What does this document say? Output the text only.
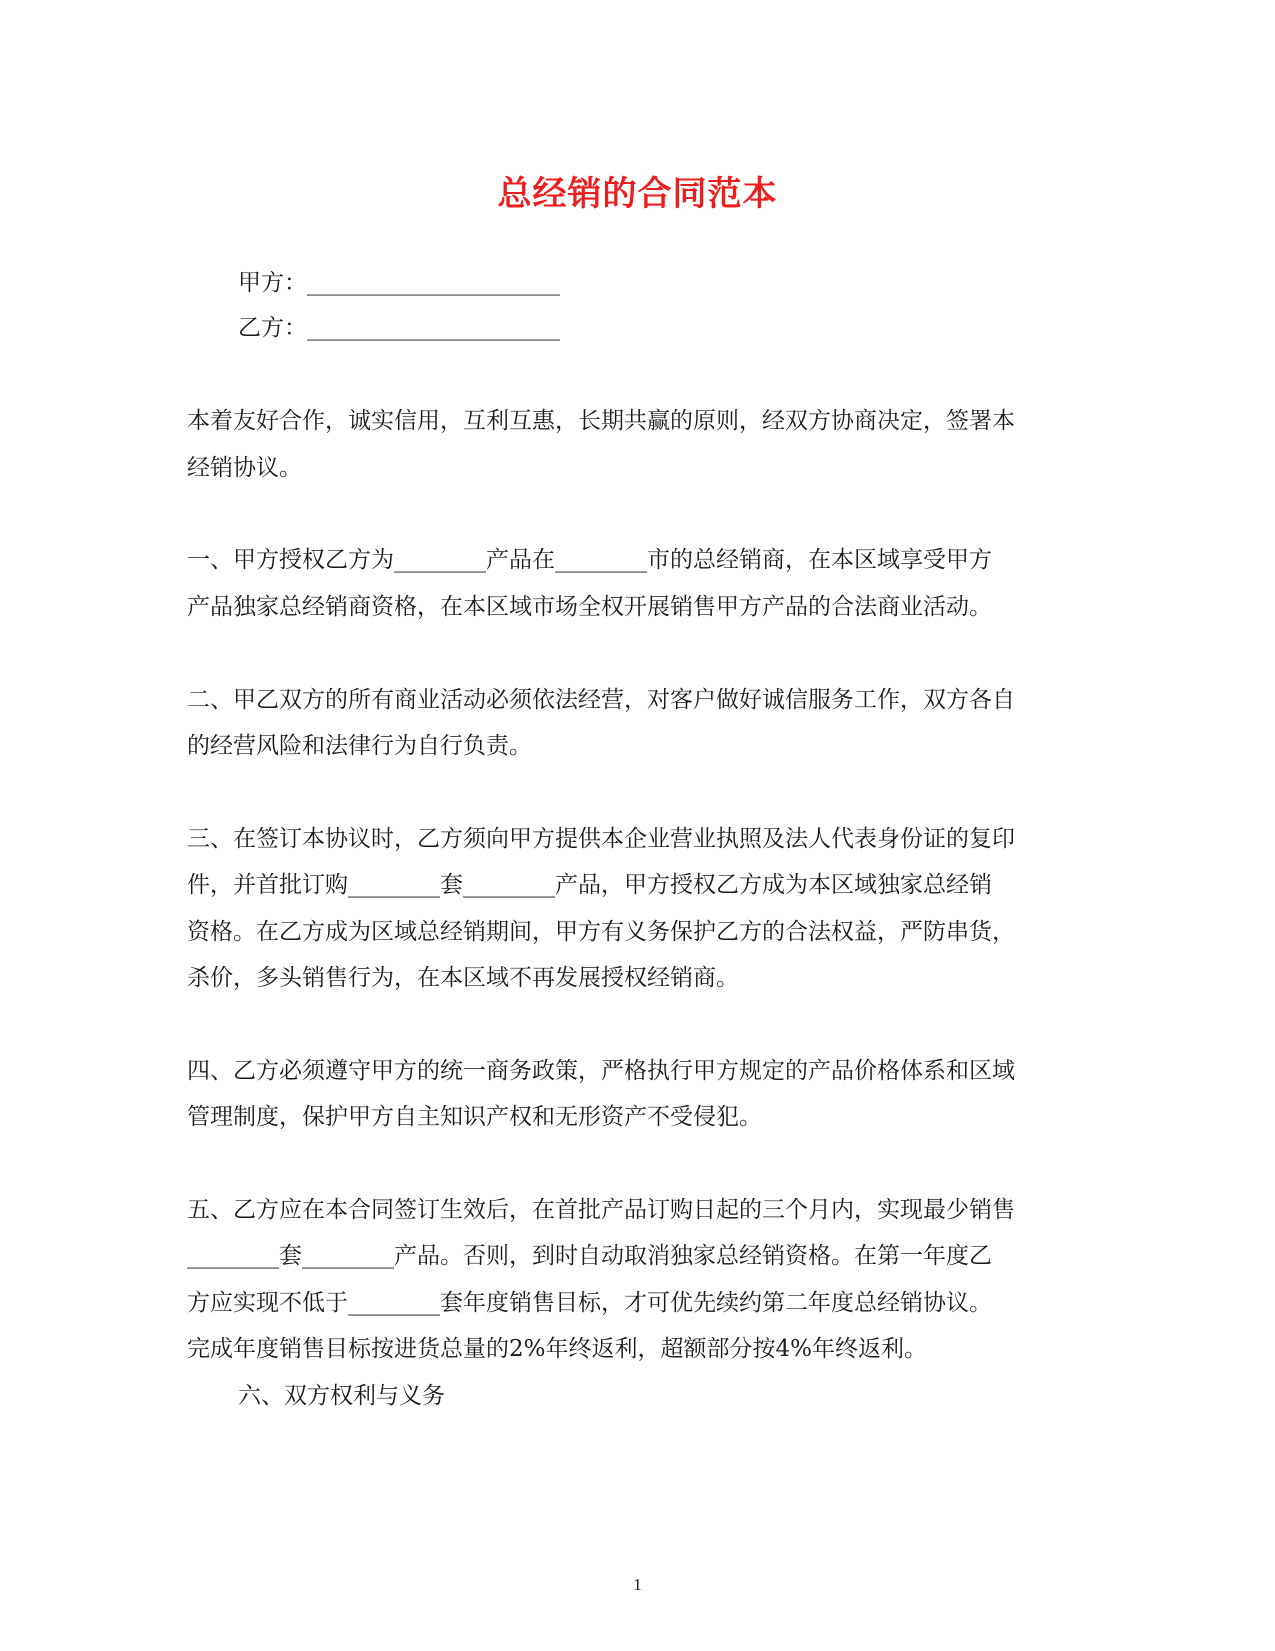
总经销的合同范本
甲方：______________________
乙方：______________________
本着友好合作，诚实信用，互利互惠，长期共赢的原则，经双方协商决定，签署本
经销协议。
一、甲方授权乙方为________产品在________市的总经销商，在本区域享受甲方
产品独家总经销商资格，在本区域市场全权开展销售甲方产品的合法商业活动。
二、甲乙双方的所有商业活动必须依法经营，对客户做好诚信服务工作，双方各自
的经营风险和法律行为自行负责。
三、在签订本协议时，乙方须向甲方提供本企业营业执照及法人代表身份证的复印
件，并首批订购________套________产品，甲方授权乙方成为本区域独家总经销
资格。在乙方成为区域总经销期间，甲方有义务保护乙方的合法权益，严防串货，
杀价，多头销售行为，在本区域不再发展授权经销商。
四、乙方必须遵守甲方的统一商务政策，严格执行甲方规定的产品价格体系和区域
管理制度，保护甲方自主知识产权和无形资产不受侵犯。
五、乙方应在本合同签订生效后，在首批产品订购日起的三个月内，实现最少销售
________套________产品。否则，到时自动取消独家总经销资格。在第一年度乙
方应实现不低于________套年度销售目标，才可优先续约第二年度总经销协议。
完成年度销售目标按进货总量的2%年终返利，超额部分按4%年终返利。
六、双方权利与义务
1
